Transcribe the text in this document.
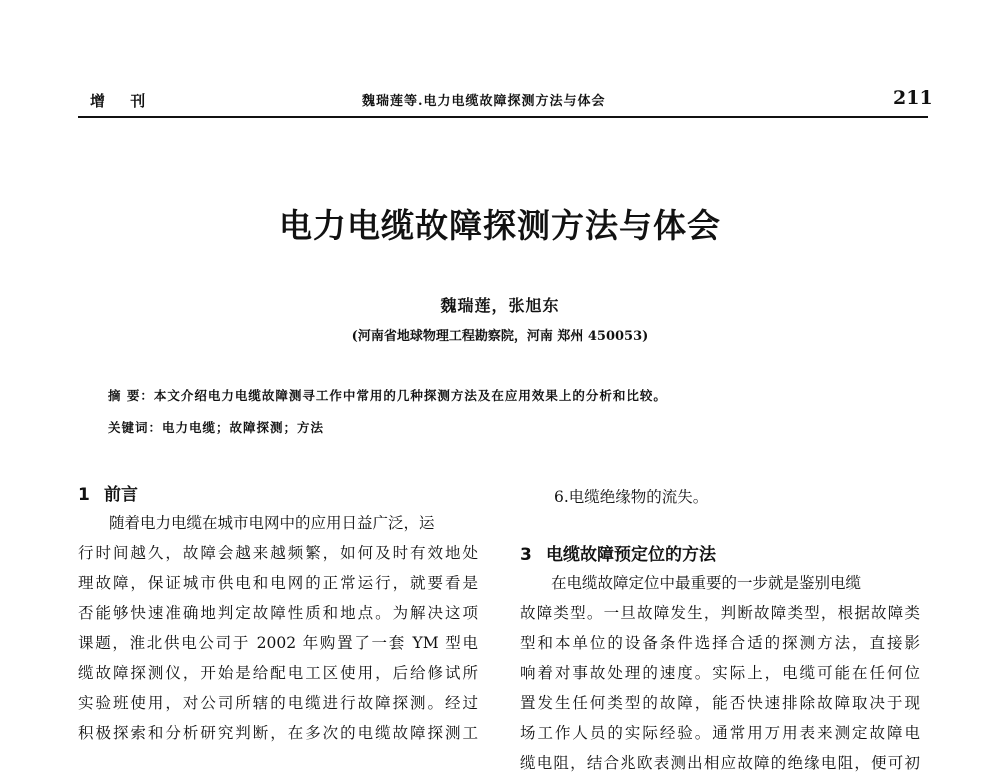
增 刊	魏瑞莲等.电力电缆故障探测方法与体会	211
电力电缆故障探测方法与体会
魏瑞莲，张旭东
(河南省地球物理工程勘察院，河南 郑州 450053)
摘 要：本文介绍电力电缆故障测寻工作中常用的几种探测方法及在应用效果上的分析和比较。
关键词：电力电缆；故障探测；方法
1 前言
随着电力电缆在城市电网中的应用日益广泛，运
行时间越久，故障会越来越频繁，如何及时有效地处
理故障，保证城市供电和电网的正常运行，就要看是
否能够快速准确地判定故障性质和地点。为解决这项
课题，淮北供电公司于 2002 年购置了一套 YM 型电
缆故障探测仪，开始是给配电工区使用，后给修试所
实验班使用，对公司所辖的电缆进行故障探测。经过
积极探索和分析研究判断，在多次的电缆故障探测工
6.电缆绝缘物的流失。
3 电缆故障预定位的方法
在电缆故障定位中最重要的一步就是鉴别电缆
故障类型。一旦故障发生，判断故障类型，根据故障类
型和本单位的设备条件选择合适的探测方法，直接影
响着对事故处理的速度。实际上，电缆可能在任何位
置发生任何类型的故障，能否快速排除故障取决于现
场工作人员的实际经验。通常用万用表来测定故障电
缆电阻，结合兆欧表测出相应故障的绝缘电阻，便可初
